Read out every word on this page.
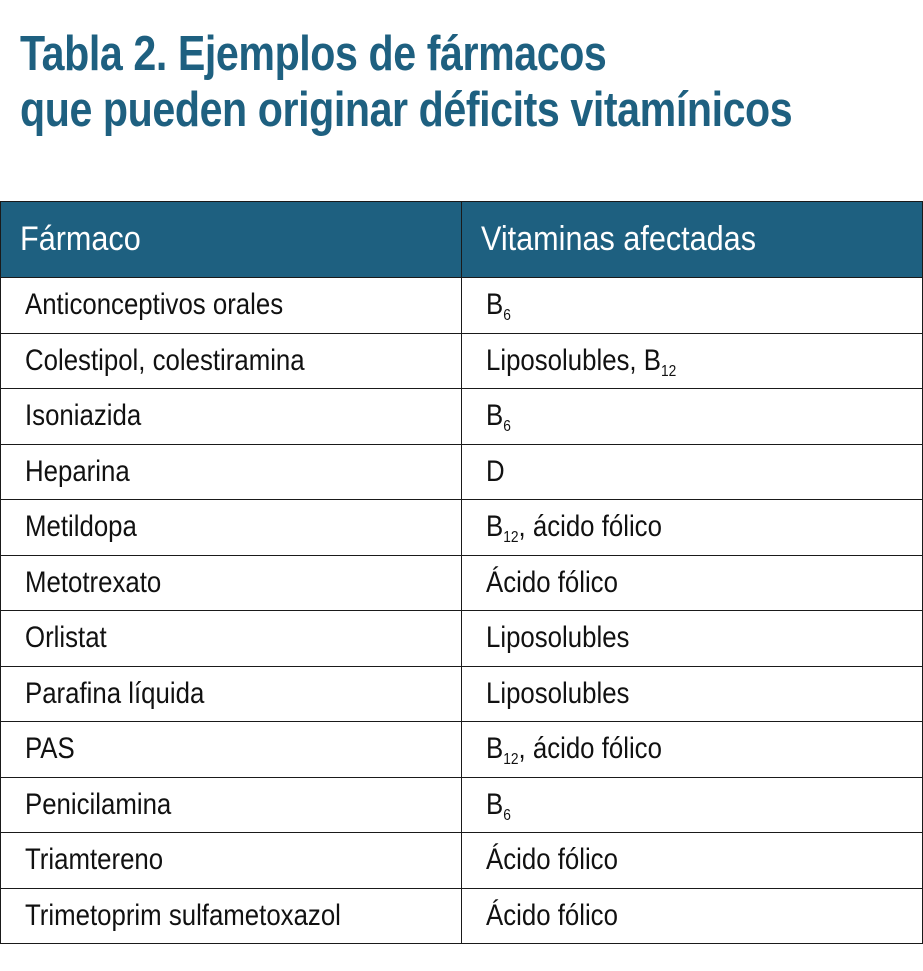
Tabla 2. Ejemplos de fármacos
que pueden originar déficits vitamínicos
Fármaco	Vitaminas afectadas
Anticonceptivos orales	$B_6$
Colestipol, colestiramina	Liposolubles, $B_{12}$
Isoniazida	$B_6$
Heparina	D
Metildopa	$B_{12}$, ácido fólico
Metotrexato	Ácido fólico
Orlistat	Liposolubles
Parafina líquida	Liposolubles
PAS	$B_{12}$, ácido fólico
Penicilamina	$B_6$
Triamtereno	Ácido fólico
Trimetoprim sulfametoxazol	Ácido fólico
